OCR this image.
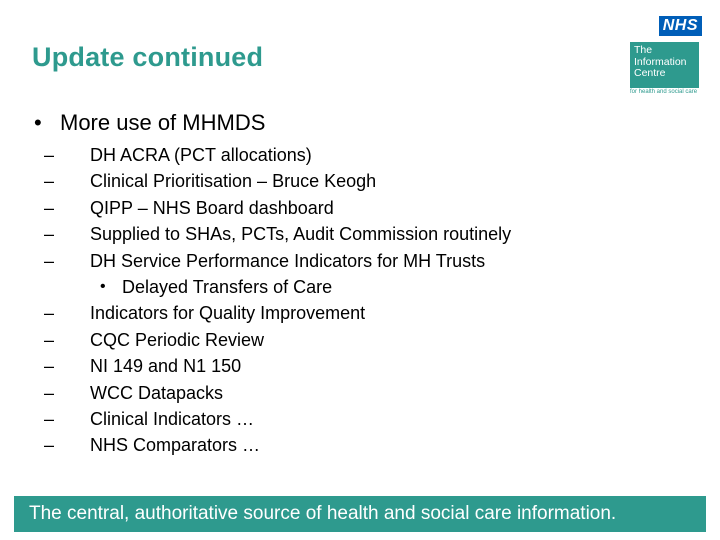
Update continued
NHS
The
Information
Centre
for health and social care
• More use of MHMDS
–	DH ACRA (PCT allocations)
–	Clinical Prioritisation – Bruce Keogh
–	QIPP – NHS Board dashboard
–	Supplied to SHAs, PCTs, Audit Commission routinely
–	DH Service Performance Indicators for MH Trusts
• Delayed Transfers of Care
–	Indicators for Quality Improvement
–	CQC Periodic Review
–	NI 149 and N1 150
–	WCC Datapacks
–	Clinical Indicators …
–	NHS Comparators …
The central, authoritative source of health and social care information.
